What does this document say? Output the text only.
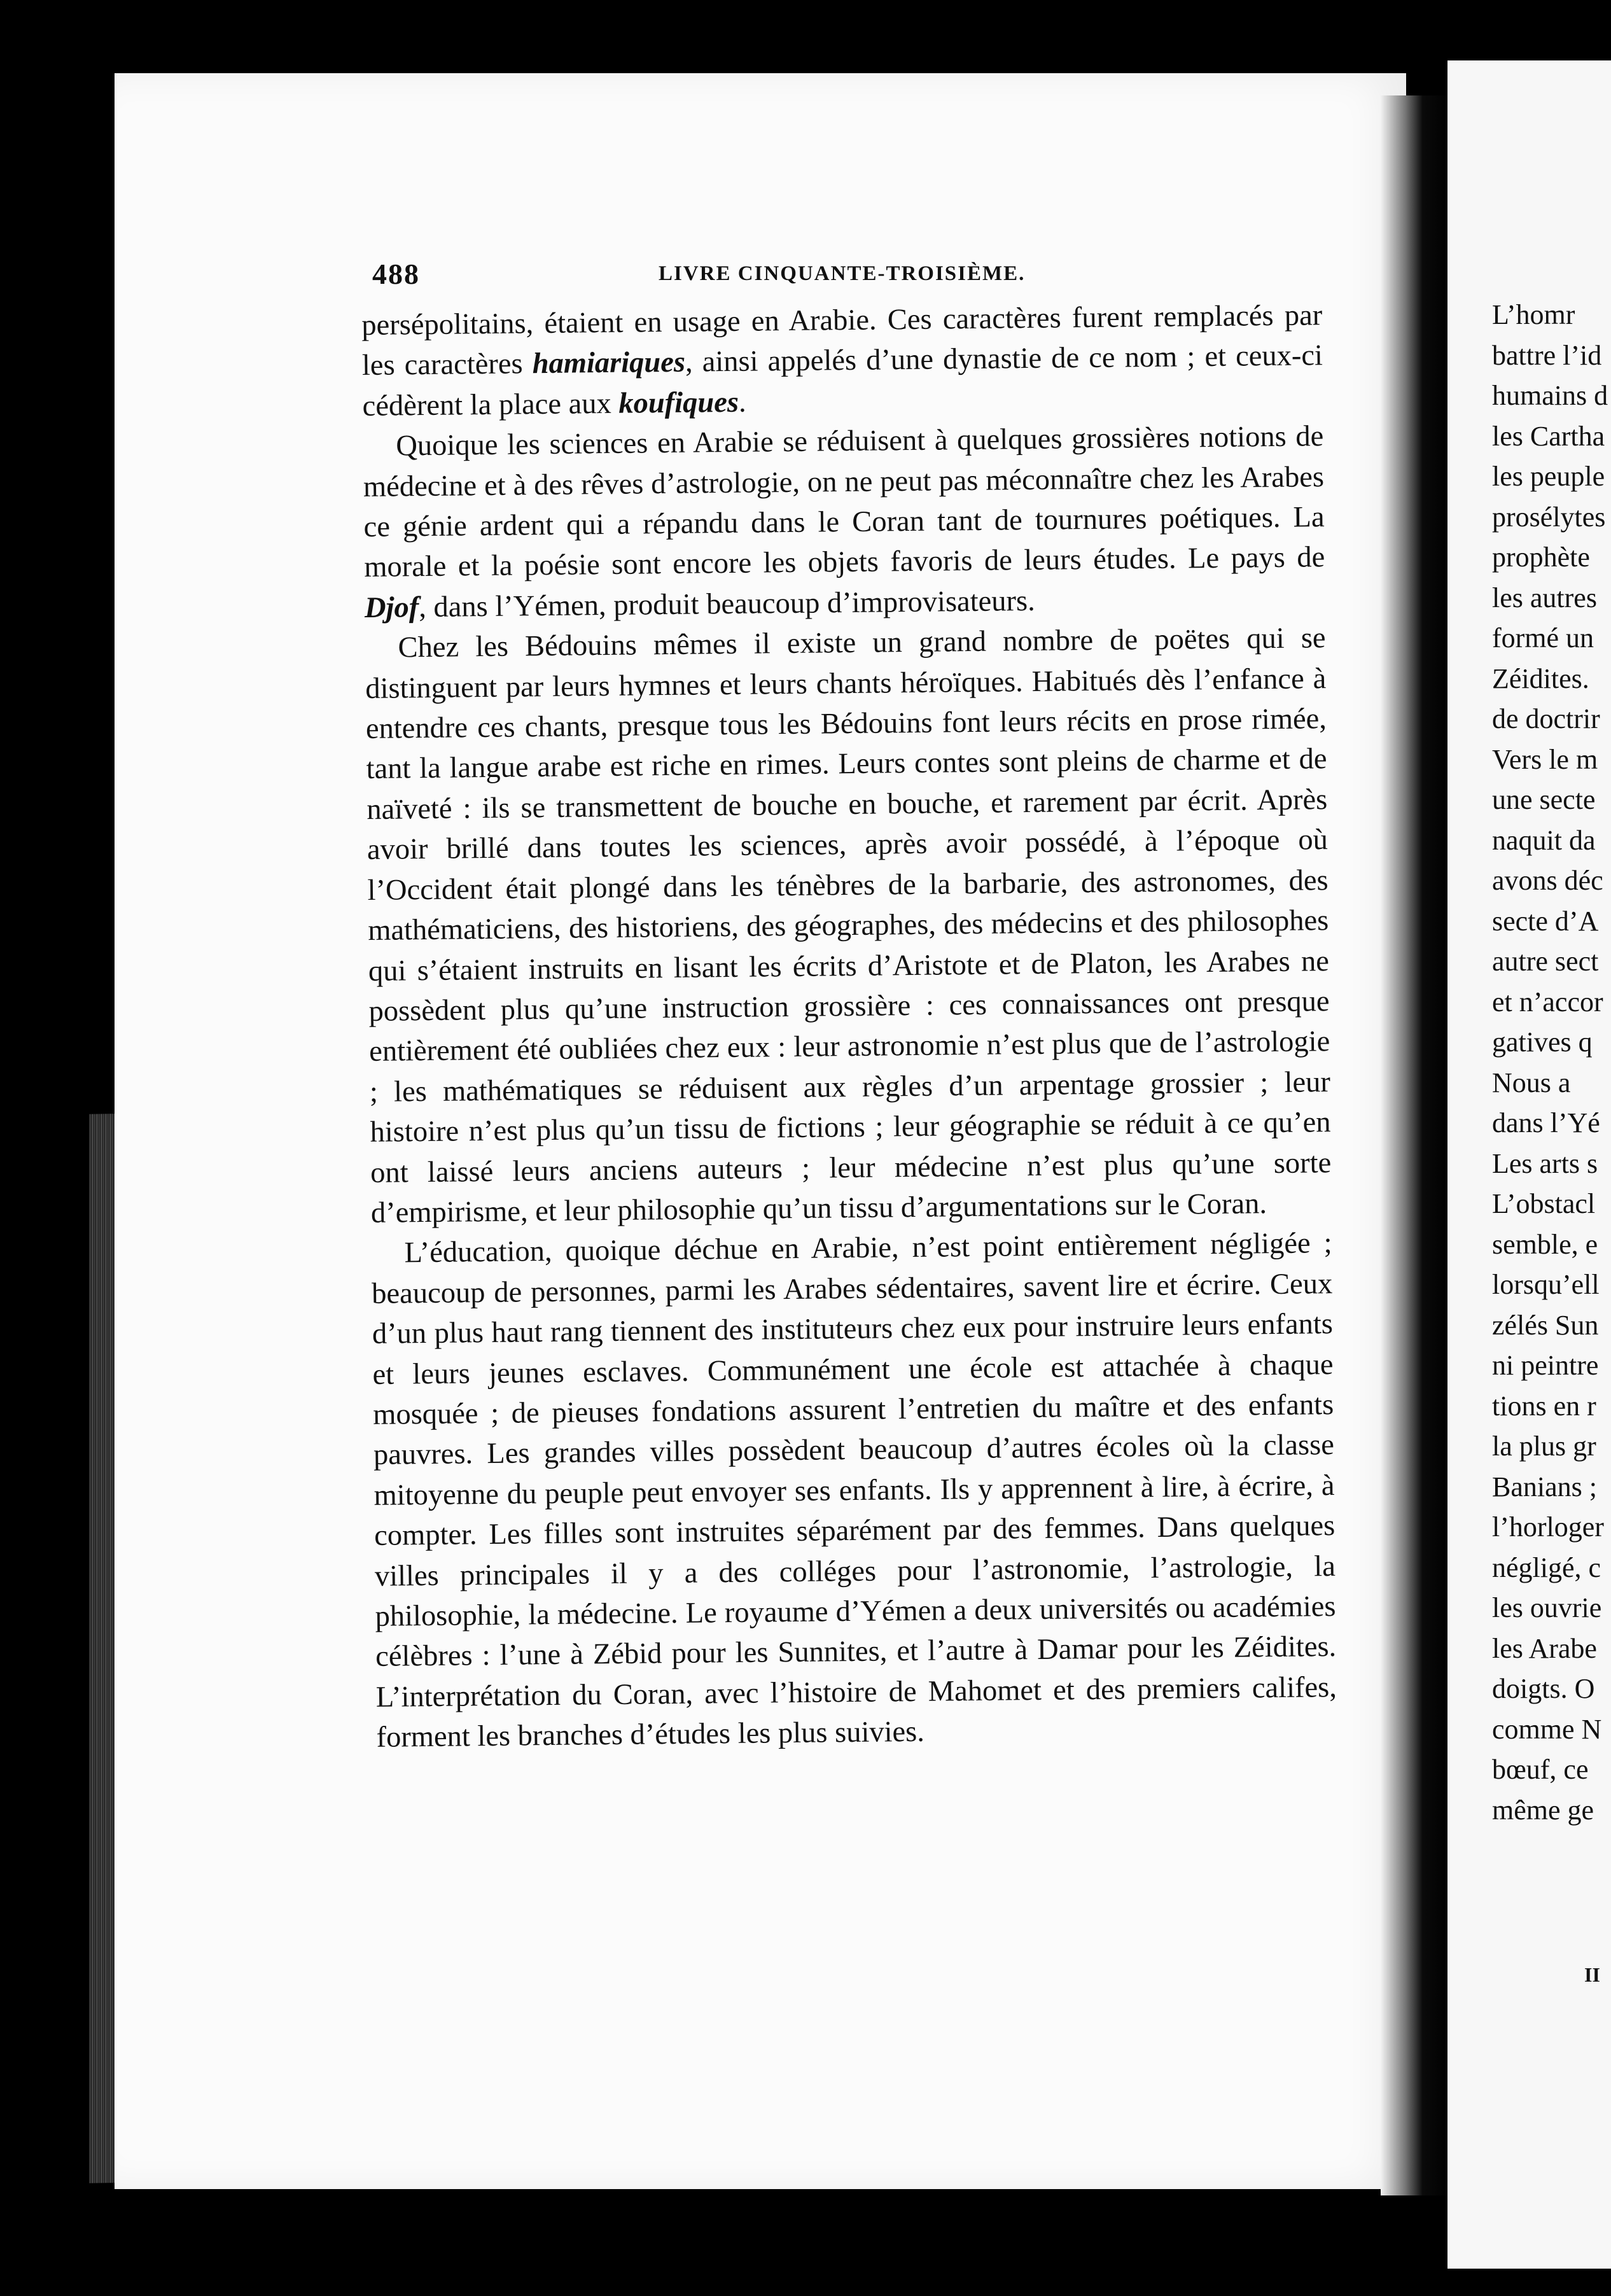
L’homr
battre l’id
humains d
les Cartha
les peuple
prosélytes
prophète
les autres
formé un
Zéidites.
de doctrir
Vers le m
une secte
naquit da
avons déc
secte d’A
autre sect
et n’accor
gatives q
Nous a
dans l’Yé
Les arts s
L’obstacl
semble, e
lorsqu’ell
zélés Sun
ni peintre
tions en r
la plus gr
Banians ;
l’horloger
négligé, c
les ouvrie
les Arabe
doigts. O
comme N
bœuf, ce
même ge
II
488	LIVRE CINQUANTE-TROISIÈME.

persépolitains, étaient en usage en Arabie. Ces caractères furent remplacés par les caractères hamiariques, ainsi appelés d’une dynastie de ce nom ; et ceux-ci cédèrent la place aux koufiques.

Quoique les sciences en Arabie se réduisent à quelques grossières notions de médecine et à des rêves d’astrologie, on ne peut pas méconnaître chez les Arabes ce génie ardent qui a répandu dans le Coran tant de tournures poétiques. La morale et la poésie sont encore les objets favoris de leurs études. Le pays de Djof, dans l’Yémen, produit beaucoup d’improvisateurs.

Chez les Bédouins mêmes il existe un grand nombre de poëtes qui se distinguent par leurs hymnes et leurs chants héroïques. Habitués dès l’enfance à entendre ces chants, presque tous les Bédouins font leurs récits en prose rimée, tant la langue arabe est riche en rimes. Leurs contes sont pleins de charme et de naïveté : ils se transmettent de bouche en bouche, et rarement par écrit. Après avoir brillé dans toutes les sciences, après avoir possédé, à l’époque où l’Occident était plongé dans les ténèbres de la barbarie, des astronomes, des mathématiciens, des historiens, des géographes, des médecins et des philosophes qui s’étaient instruits en lisant les écrits d’Aristote et de Platon, les Arabes ne possèdent plus qu’une instruction grossière : ces connaissances ont presque entièrement été oubliées chez eux : leur astronomie n’est plus que de l’astrologie ; les mathématiques se réduisent aux règles d’un arpentage grossier ; leur histoire n’est plus qu’un tissu de fictions ; leur géographie se réduit à ce qu’en ont laissé leurs anciens auteurs ; leur médecine n’est plus qu’une sorte d’empirisme, et leur philosophie qu’un tissu d’argumentations sur le Coran.

L’éducation, quoique déchue en Arabie, n’est point entièrement négligée ; beaucoup de personnes, parmi les Arabes sédentaires, savent lire et écrire. Ceux d’un plus haut rang tiennent des instituteurs chez eux pour instruire leurs enfants et leurs jeunes esclaves. Communément une école est attachée à chaque mosquée ; de pieuses fondations assurent l’entretien du maître et des enfants pauvres. Les grandes villes possèdent beaucoup d’autres écoles où la classe mitoyenne du peuple peut envoyer ses enfants. Ils y apprennent à lire, à écrire, à compter. Les filles sont instruites séparément par des femmes. Dans quelques villes principales il y a des colléges pour l’astronomie, l’astrologie, la philosophie, la médecine. Le royaume d’Yémen a deux universités ou académies célèbres : l’une à Zébid pour les Sunnites, et l’autre à Damar pour les Zéidites. L’interprétation du Coran, avec l’histoire de Mahomet et des premiers califes, forment les branches d’études les plus suivies.
